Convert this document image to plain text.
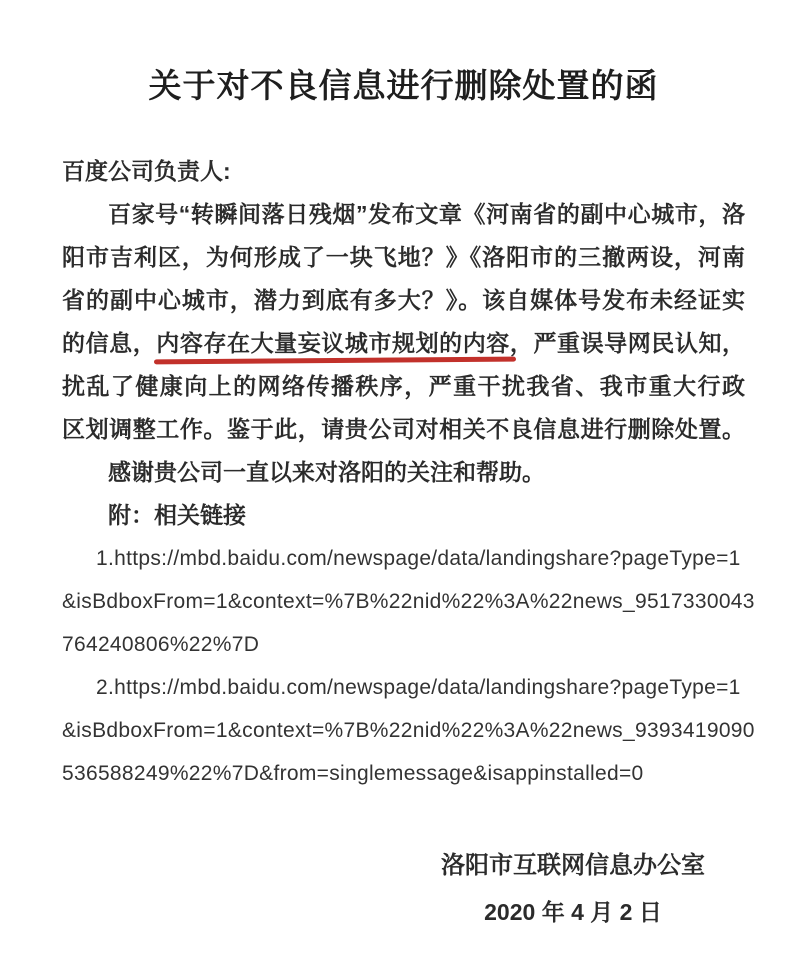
关于对不良信息进行删除处置的函

百度公司负责人:

百家号“转瞬间落日残烟”发布文章《河南省的副中心城市，洛

阳市吉利区，为何形成了一块飞地？》《洛阳市的三撤两设，河南

省的副中心城市，潜力到底有多大？》。该自媒体号发布未经证实

的信息，内容存在大量妄议城市规划的内容，严重误导网民认知，

扰乱了健康向上的网络传播秩序，严重干扰我省、我市重大行政

区划调整工作。鉴于此，请贵公司对相关不良信息进行删除处置。

感谢贵公司一直以来对洛阳的关注和帮助。

附：相关链接

1.https://mbd.baidu.com/newspage/data/landingshare?pageType=1

&isBdboxFrom=1&context=%7B%22nid%22%3A%22news_9517330043

764240806%22%7D

2.https://mbd.baidu.com/newspage/data/landingshare?pageType=1

&isBdboxFrom=1&context=%7B%22nid%22%3A%22news_9393419090

536588249%22%7D&from=singlemessage&isappinstalled=0

洛阳市互联网信息办公室

2020 年 4 月 2 日
